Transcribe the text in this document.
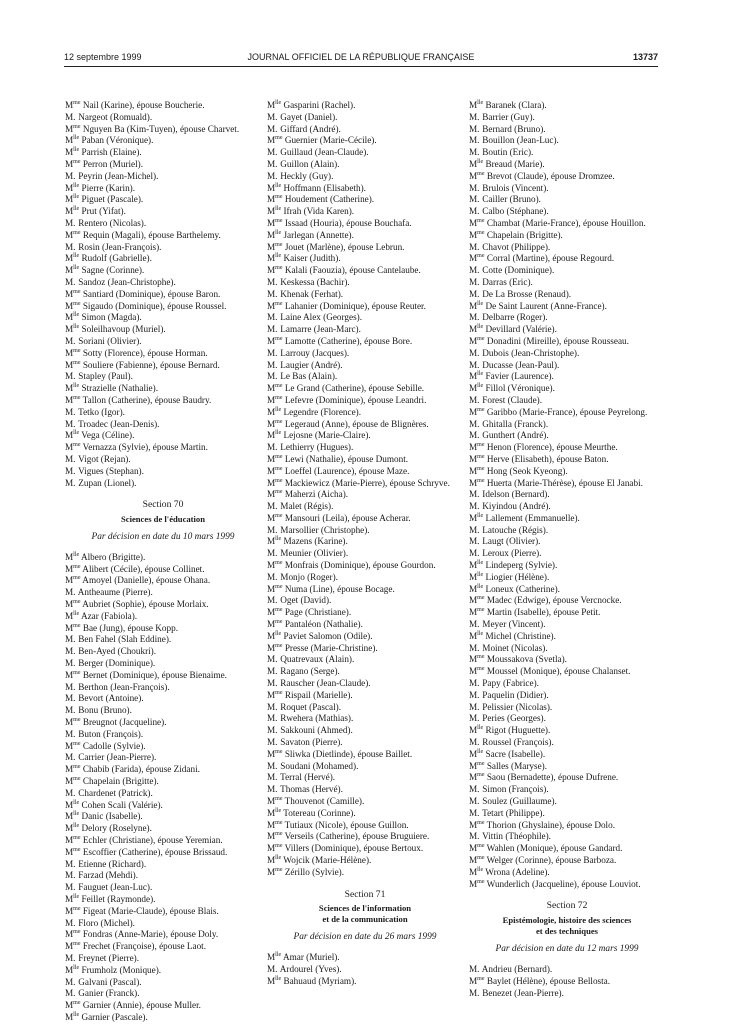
12 septembre 1999	JOURNAL OFFICIEL DE LA RÉPUBLIQUE FRANÇAISE	13737
$M^{me}$ Nail (Karine), épouse Boucherie.
M. Nargeot (Romuald).
$M^{me}$ Nguyen Ba (Kim-Tuyen), épouse Charvet.
$M^{lle}$ Paban (Véronique).
$M^{lle}$ Parrish (Elaine).
$M^{me}$ Perron (Muriel).
M. Peyrin (Jean-Michel).
$M^{lle}$ Pierre (Karin).
$M^{lle}$ Piguet (Pascale).
$M^{lle}$ Prut (Yifat).
M. Rentero (Nicolas).
$M^{me}$ Requin (Magali), épouse Barthelemy.
M. Rosin (Jean-François).
$M^{lle}$ Rudolf (Gabrielle).
$M^{lle}$ Sagne (Corinne).
M. Sandoz (Jean-Christophe).
$M^{me}$ Santiard (Dominique), épouse Baron.
$M^{me}$ Sigaudo (Dominique), épouse Roussel.
$M^{lle}$ Simon (Magda).
$M^{lle}$ Soleilhavoup (Muriel).
M. Soriani (Olivier).
$M^{me}$ Sotty (Florence), épouse Horman.
$M^{me}$ Souliere (Fabienne), épouse Bernard.
M. Stapley (Paul).
$M^{lle}$ Strazielle (Nathalie).
$M^{me}$ Tallon (Catherine), épouse Baudry.
M. Tetko (Igor).
M. Troadec (Jean-Denis).
$M^{lle}$ Vega (Céline).
$M^{me}$ Vernazza (Sylvie), épouse Martin.
M. Vigot (Rejan).
M. Vigues (Stephan).
M. Zupan (Lionel).
Section 70
Sciences de l'éducation
Par décision en date du 10 mars 1999
$M^{lle}$ Albero (Brigitte).
$M^{me}$ Alibert (Cécile), épouse Collinet.
$M^{me}$ Amoyel (Danielle), épouse Ohana.
M. Antheaume (Pierre).
$M^{me}$ Aubriet (Sophie), épouse Morlaix.
$M^{lle}$ Azar (Fabiola).
$M^{me}$ Bae (Jung), épouse Kopp.
M. Ben Fahel (Slah Eddine).
M. Ben-Ayed (Choukri).
M. Berger (Dominique).
$M^{me}$ Bernet (Dominique), épouse Bienaime.
M. Berthon (Jean-François).
M. Bevort (Antoine).
M. Bonu (Bruno).
$M^{me}$ Breugnot (Jacqueline).
M. Buton (François).
$M^{me}$ Cadolle (Sylvie).
M. Carrier (Jean-Pierre).
$M^{me}$ Chabib (Farida), épouse Zidani.
$M^{me}$ Chapelain (Brigitte).
M. Chardenet (Patrick).
$M^{lle}$ Cohen Scali (Valérie).
$M^{lle}$ Danic (Isabelle).
$M^{lle}$ Delory (Roselyne).
$M^{me}$ Echler (Christiane), épouse Yeremian.
$M^{me}$ Escoffier (Catherine), épouse Brissaud.
M. Etienne (Richard).
M. Farzad (Mehdi).
M. Fauguet (Jean-Luc).
$M^{lle}$ Feillet (Raymonde).
$M^{me}$ Figeat (Marie-Claude), épouse Blais.
M. Floro (Michel).
$M^{me}$ Fondras (Anne-Marie), épouse Doly.
$M^{me}$ Frechet (Françoise), épouse Laot.
M. Freynet (Pierre).
$M^{lle}$ Frumholz (Monique).
M. Galvani (Pascal).
M. Ganier (Franck).
$M^{me}$ Garnier (Annie), épouse Muller.
$M^{lle}$ Garnier (Pascale).
$M^{lle}$ Gasparini (Rachel).
M. Gayet (Daniel).
M. Giffard (André).
$M^{me}$ Guernier (Marie-Cécile).
M. Guillaud (Jean-Claude).
M. Guillon (Alain).
M. Heckly (Guy).
$M^{lle}$ Hoffmann (Elisabeth).
$M^{me}$ Houdement (Catherine).
$M^{lle}$ Ifrah (Vida Karen).
$M^{me}$ Issaad (Houria), épouse Bouchafa.
$M^{lle}$ Jarlegan (Annette).
$M^{me}$ Jouet (Marlène), épouse Lebrun.
$M^{lle}$ Kaiser (Judith).
$M^{me}$ Kalali (Faouzia), épouse Cantelaube.
M. Keskessa (Bachir).
M. Khenak (Ferhat).
$M^{me}$ Lahanier (Dominique), épouse Reuter.
M. Laine Alex (Georges).
M. Lamarre (Jean-Marc).
$M^{me}$ Lamotte (Catherine), épouse Bore.
M. Larrouy (Jacques).
M. Laugier (André).
M. Le Bas (Alain).
$M^{me}$ Le Grand (Catherine), épouse Sebille.
$M^{me}$ Lefevre (Dominique), épouse Leandri.
$M^{lle}$ Legendre (Florence).
$M^{me}$ Legeraud (Anne), épouse de Blignères.
$M^{lle}$ Lejosne (Marie-Claire).
M. Lethierry (Hugues).
$M^{me}$ Lewi (Nathalie), épouse Dumont.
$M^{me}$ Loeffel (Laurence), épouse Maze.
$M^{me}$ Mackiewicz (Marie-Pierre), épouse Schryve.
$M^{me}$ Maherzi (Aicha).
M. Malet (Régis).
$M^{me}$ Mansouri (Leila), épouse Acherar.
M. Marsollier (Christophe).
$M^{lle}$ Mazens (Karine).
M. Meunier (Olivier).
$M^{me}$ Monfrais (Dominique), épouse Gourdon.
M. Monjo (Roger).
$M^{me}$ Numa (Line), épouse Bocage.
M. Oget (David).
$M^{me}$ Page (Christiane).
$M^{me}$ Pantaléon (Nathalie).
$M^{lle}$ Paviet Salomon (Odile).
$M^{me}$ Presse (Marie-Christine).
M. Quatrevaux (Alain).
M. Ragano (Serge).
M. Rauscher (Jean-Claude).
$M^{me}$ Rispail (Marielle).
M. Roquet (Pascal).
M. Rwehera (Mathias).
M. Sakkouni (Ahmed).
M. Savaton (Pierre).
$M^{me}$ Sliwka (Dietlinde), épouse Baillet.
M. Soudani (Mohamed).
M. Terral (Hervé).
M. Thomas (Hervé).
$M^{me}$ Thouvenot (Camille).
$M^{lle}$ Totereau (Corinne).
$M^{me}$ Tutiaux (Nicole), épouse Guillon.
$M^{me}$ Verseils (Catherine), épouse Bruguiere.
$M^{me}$ Villers (Dominique), épouse Bertoux.
$M^{lle}$ Wojcik (Marie-Hélène).
$M^{me}$ Zérillo (Sylvie).
Section 71
Sciences de l'information
et de la communication
Par décision en date du 26 mars 1999
$M^{lle}$ Amar (Muriel).
M. Ardourel (Yves).
$M^{lle}$ Bahuaud (Myriam).
$M^{lle}$ Baranek (Clara).
M. Barrier (Guy).
M. Bernard (Bruno).
M. Bouillon (Jean-Luc).
M. Boutin (Eric).
$M^{lle}$ Breaud (Marie).
$M^{me}$ Brevot (Claude), épouse Dromzee.
M. Brulois (Vincent).
M. Cailler (Bruno).
M. Calbo (Stéphane).
$M^{me}$ Chambat (Marie-France), épouse Houillon.
$M^{me}$ Chapelain (Brigitte).
M. Chavot (Philippe).
$M^{me}$ Corral (Martine), épouse Regourd.
M. Cotte (Dominique).
M. Darras (Eric).
M. De La Brosse (Renaud).
$M^{lle}$ De Saint Laurent (Anne-France).
M. Delbarre (Roger).
$M^{lle}$ Devillard (Valérie).
$M^{me}$ Donadini (Mireille), épouse Rousseau.
M. Dubois (Jean-Christophe).
M. Ducasse (Jean-Paul).
$M^{lle}$ Favier (Laurence).
$M^{lle}$ Fillol (Véronique).
M. Forest (Claude).
$M^{me}$ Garibbo (Marie-France), épouse Peyrelong.
M. Ghitalla (Franck).
M. Gunthert (André).
$M^{me}$ Henon (Florence), épouse Meurthe.
$M^{me}$ Herve (Elisabeth), épouse Baton.
$M^{me}$ Hong (Seok Kyeong).
$M^{me}$ Huerta (Marie-Thérèse), épouse El Janabi.
M. Idelson (Bernard).
M. Kiyindou (André).
$M^{lle}$ Lallement (Emmanuelle).
M. Latouche (Régis).
M. Laugt (Olivier).
M. Leroux (Pierre).
$M^{lle}$ Lindeperg (Sylvie).
$M^{lle}$ Liogier (Hélène).
$M^{lle}$ Loneux (Catherine).
$M^{me}$ Madec (Edwige), épouse Vercnocke.
$M^{me}$ Martin (Isabelle), épouse Petit.
M. Meyer (Vincent).
$M^{lle}$ Michel (Christine).
M. Moinet (Nicolas).
$M^{me}$ Moussakova (Svetla).
$M^{me}$ Moussel (Monique), épouse Chalanset.
M. Papy (Fabrice).
M. Paquelin (Didier).
M. Pelissier (Nicolas).
M. Peries (Georges).
$M^{lle}$ Rigot (Huguette).
M. Roussel (François).
$M^{lle}$ Sacre (Isabelle).
$M^{me}$ Salles (Maryse).
$M^{me}$ Saou (Bernadette), épouse Dufrene.
M. Simon (François).
M. Soulez (Guillaume).
M. Tetart (Philippe).
$M^{me}$ Thorion (Ghyslaine), épouse Dolo.
M. Vittin (Théophile).
$M^{me}$ Wahlen (Monique), épouse Gandard.
$M^{me}$ Welger (Corinne), épouse Barboza.
$M^{lle}$ Wrona (Adeline).
$M^{me}$ Wunderlich (Jacqueline), épouse Louviot.
Section 72
Epistémologie, histoire des sciences
et des techniques
Par décision en date du 12 mars 1999
M. Andrieu (Bernard).
$M^{me}$ Baylet (Hélène), épouse Bellosta.
M. Benezet (Jean-Pierre).
